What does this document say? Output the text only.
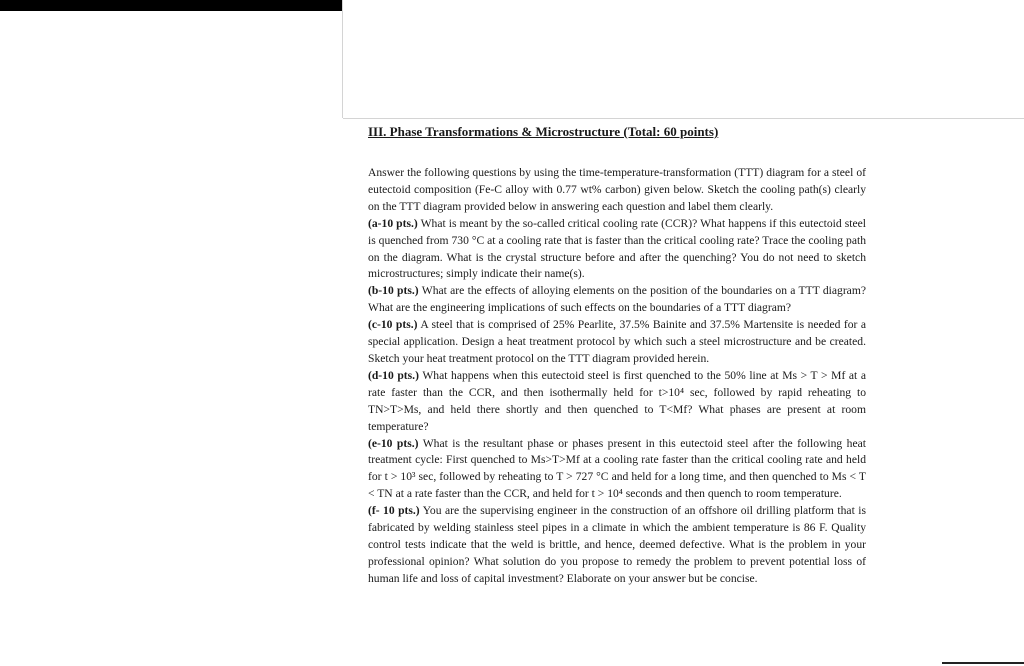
III. Phase Transformations & Microstructure (Total: 60 points)

Answer the following questions by using the time-temperature-transformation (TTT) diagram for a steel of eutectoid composition (Fe-C alloy with 0.77 wt% carbon) given below. Sketch the cooling path(s) clearly on the TTT diagram provided below in answering each question and label them clearly.

(a-10 pts.) What is meant by the so-called critical cooling rate (CCR)? What happens if this eutectoid steel is quenched from 730 °C at a cooling rate that is faster than the critical cooling rate? Trace the cooling path on the diagram. What is the crystal structure before and after the quenching? You do not need to sketch microstructures; simply indicate their name(s).

(b-10 pts.) What are the effects of alloying elements on the position of the boundaries on a TTT diagram? What are the engineering implications of such effects on the boundaries of a TTT diagram?

(c-10 pts.) A steel that is comprised of 25% Pearlite, 37.5% Bainite and 37.5% Martensite is needed for a special application. Design a heat treatment protocol by which such a steel microstructure and be created. Sketch your heat treatment protocol on the TTT diagram provided herein.

(d-10 pts.) What happens when this eutectoid steel is first quenched to the 50% line at Ms > T > Mf at a rate faster than the CCR, and then isothermally held for t>10⁴ sec, followed by rapid reheating to TN>T>Ms, and held there shortly and then quenched to T<Mf? What phases are present at room temperature?

(e-10 pts.) What is the resultant phase or phases present in this eutectoid steel after the following heat treatment cycle: First quenched to Ms>T>Mf at a cooling rate faster than the critical cooling rate and held for t > 10³ sec, followed by reheating to T > 727 °C and held for a long time, and then quenched to Ms < T < TN at a rate faster than the CCR, and held for t > 10⁴ seconds and then quench to room temperature.

(f- 10 pts.) You are the supervising engineer in the construction of an offshore oil drilling platform that is fabricated by welding stainless steel pipes in a climate in which the ambient temperature is 86 F. Quality control tests indicate that the weld is brittle, and hence, deemed defective. What is the problem in your professional opinion? What solution do you propose to remedy the problem to prevent potential loss of human life and loss of capital investment? Elaborate on your answer but be concise.
